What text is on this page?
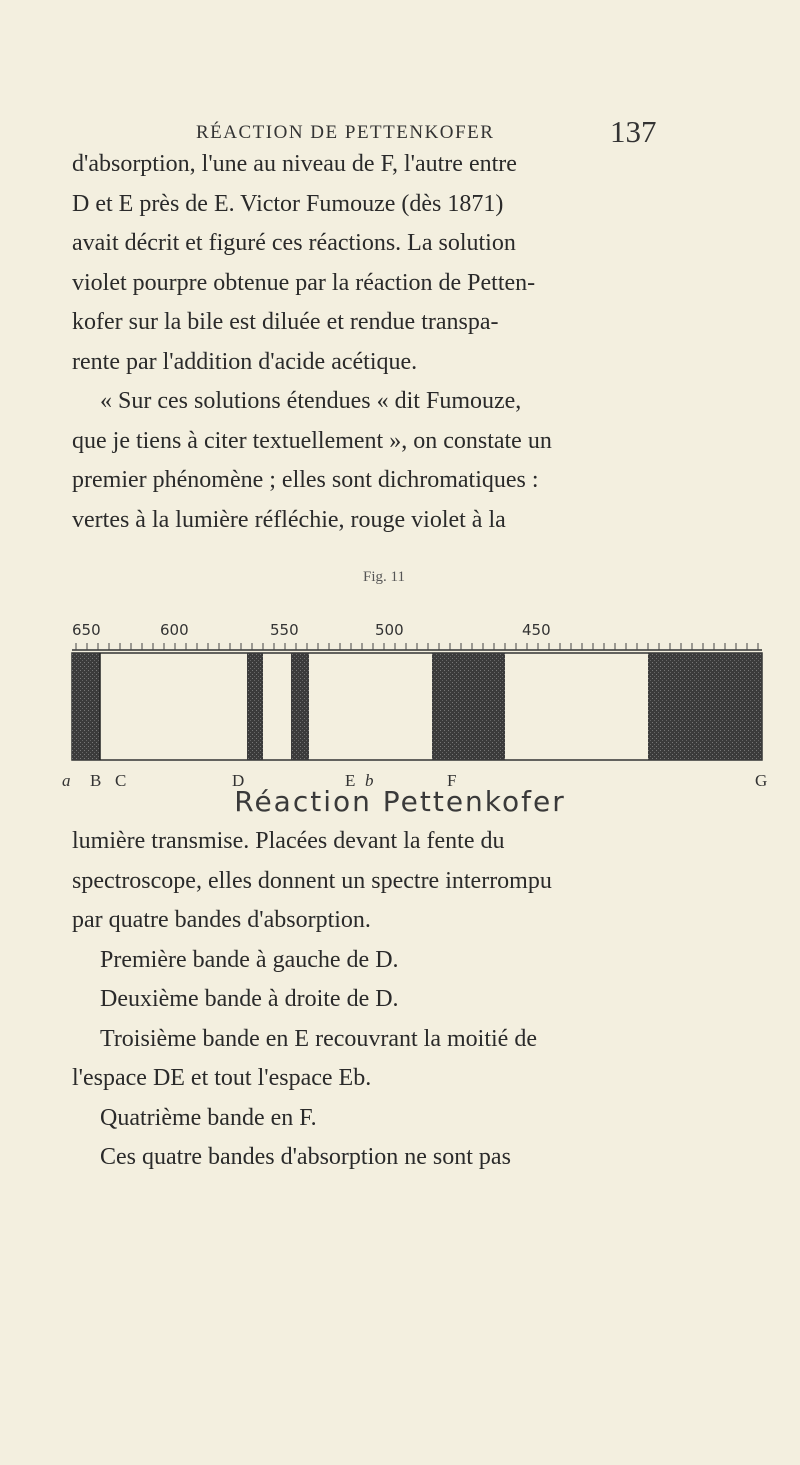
RÉACTION DE PETTENKOFER	137
d'absorption, l'une au niveau de F, l'autre entre
D et E près de E. Victor Fumouze (dès 1871)
avait décrit et figuré ces réactions. La solution
violet pourpre obtenue par la réaction de Petten-
kofer sur la bile est diluée et rendue transpa-
rente par l'addition d'acide acétique.
« Sur ces solutions étendues « dit Fumouze,
que je tiens à citer textuellement », on constate un
premier phénomène ; elles sont dichromatiques :
vertes à la lumière réfléchie, rouge violet à la
Fig. 11
650	600	550	500	450
a B C	D	E b	F	G
Réaction Pettenkofer
lumière transmise. Placées devant la fente du
spectroscope, elles donnent un spectre interrompu
par quatre bandes d'absorption.
Première bande à gauche de D.
Deuxième bande à droite de D.
Troisième bande en E recouvrant la moitié de
l'espace DE et tout l'espace Eb.
Quatrième bande en F.
Ces quatre bandes d'absorption ne sont pas
